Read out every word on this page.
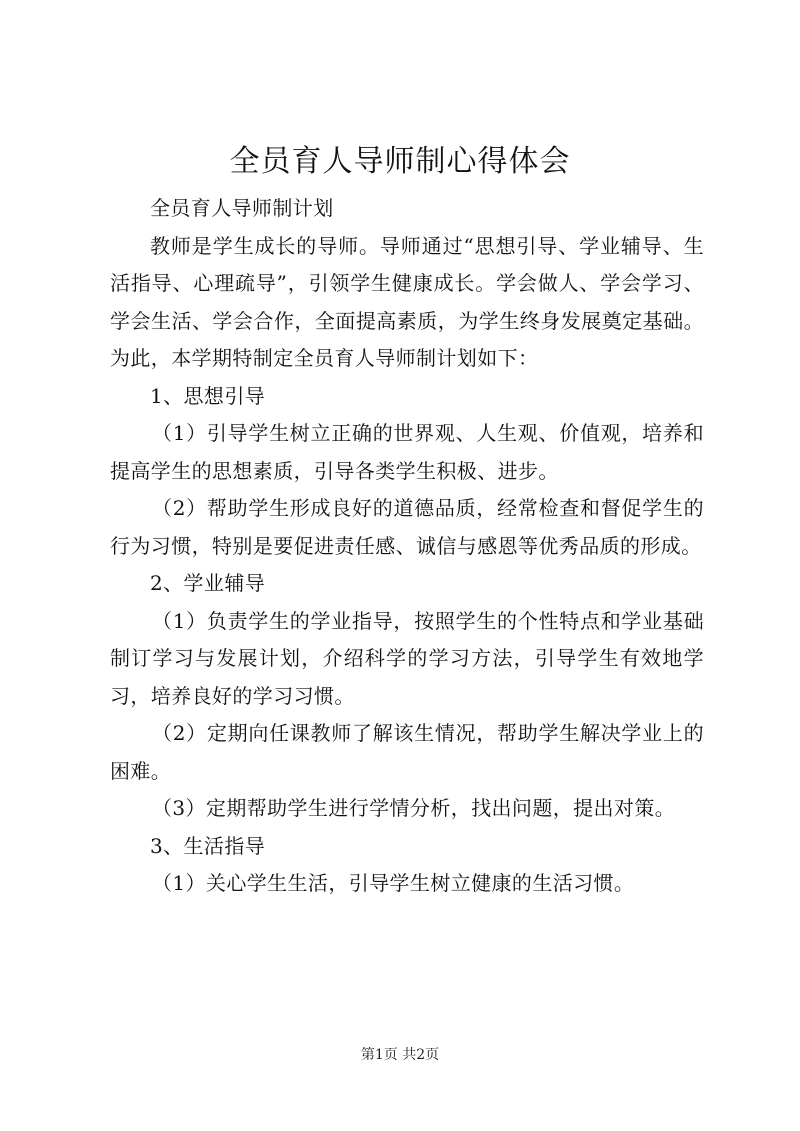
全员育人导师制心得体会

全员育人导师制计划

教师是学生成长的导师。导师通过“思想引导、学业辅导、生活指导、心理疏导”，引领学生健康成长。学会做人、学会学习、学会生活、学会合作，全面提高素质，为学生终身发展奠定基础。为此，本学期特制定全员育人导师制计划如下：

1、思想引导

（1）引导学生树立正确的世界观、人生观、价值观，培养和提高学生的思想素质，引导各类学生积极、进步。

（2）帮助学生形成良好的道德品质，经常检查和督促学生的行为习惯，特别是要促进责任感、诚信与感恩等优秀品质的形成。

2、学业辅导

（1）负责学生的学业指导，按照学生的个性特点和学业基础制订学习与发展计划，介绍科学的学习方法，引导学生有效地学习，培养良好的学习习惯。

（2）定期向任课教师了解该生情况，帮助学生解决学业上的困难。

（3）定期帮助学生进行学情分析，找出问题，提出对策。

3、生活指导

（1）关心学生生活，引导学生树立健康的生活习惯。

第1页 共2页
